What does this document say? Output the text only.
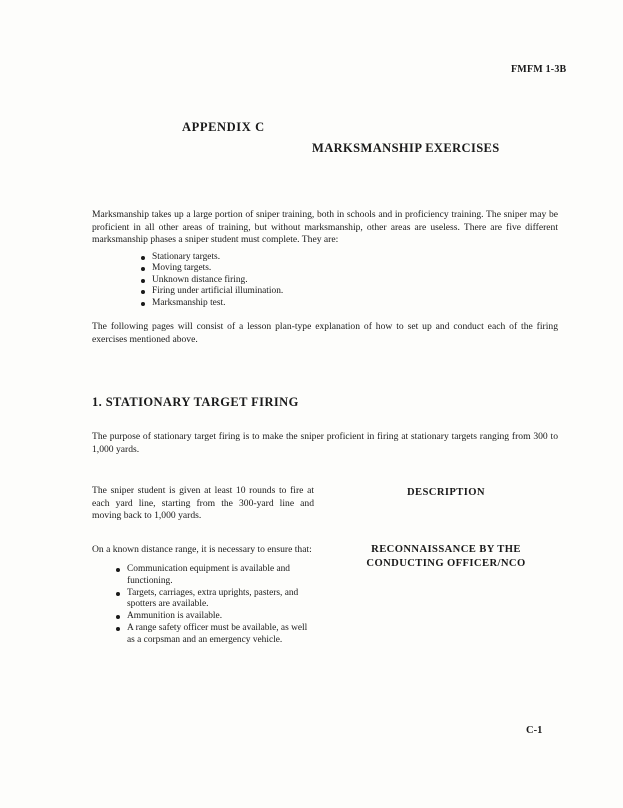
FMFM 1-3B
APPENDIX C
MARKSMANSHIP EXERCISES
Marksmanship takes up a large portion of sniper training, both in schools and in proficiency training. The sniper may be proficient in all other areas of training, but without marksmanship, other areas are useless. There are five different marksmanship phases a sniper student must complete. They are:
Stationary targets.
Moving targets.
Unknown distance firing.
Firing under artificial illumination.
Marksmanship test.
The following pages will consist of a lesson plan-type explanation of how to set up and conduct each of the firing exercises mentioned above.
1. STATIONARY TARGET FIRING
The purpose of stationary target firing is to make the sniper proficient in firing at stationary targets ranging from 300 to 1,000 yards.
The sniper student is given at least 10 rounds to fire at each yard line, starting from the 300-yard line and moving back to 1,000 yards.
On a known distance range, it is necessary to ensure that:
Communication equipment is available and functioning.
Targets, carriages, extra uprights, pasters, and spotters are available.
Ammunition is available.
A range safety officer must be available, as well as a corpsman and an emergency vehicle.
DESCRIPTION
RECONNAISSANCE BY THE CONDUCTING OFFICER/NCO
C-1
